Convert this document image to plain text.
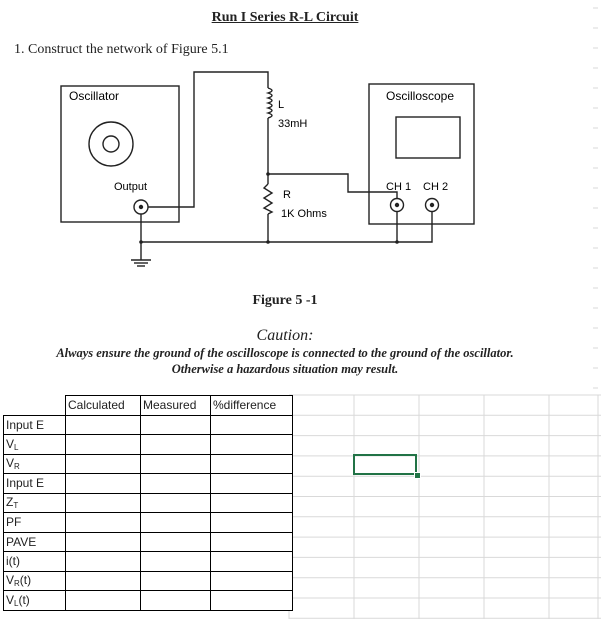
Run I Series R-L Circuit
1. Construct the network of Figure 5.1
Oscillator
Output
L
33mH
R
1K Ohms
Oscilloscope
CH 1 CH 2
Figure 5 -1
Caution:
Always ensure the ground of the oscilloscope is connected to the ground of the oscillator.
Otherwise a hazardous situation may result.
	Calculated	Measured	%difference
Input E			
$V_L$			
$V_R$			
Input E			
$Z_T$			
PF			
PAVE			
i(t)			
$V_R(t)$			
$V_L(t)$			
